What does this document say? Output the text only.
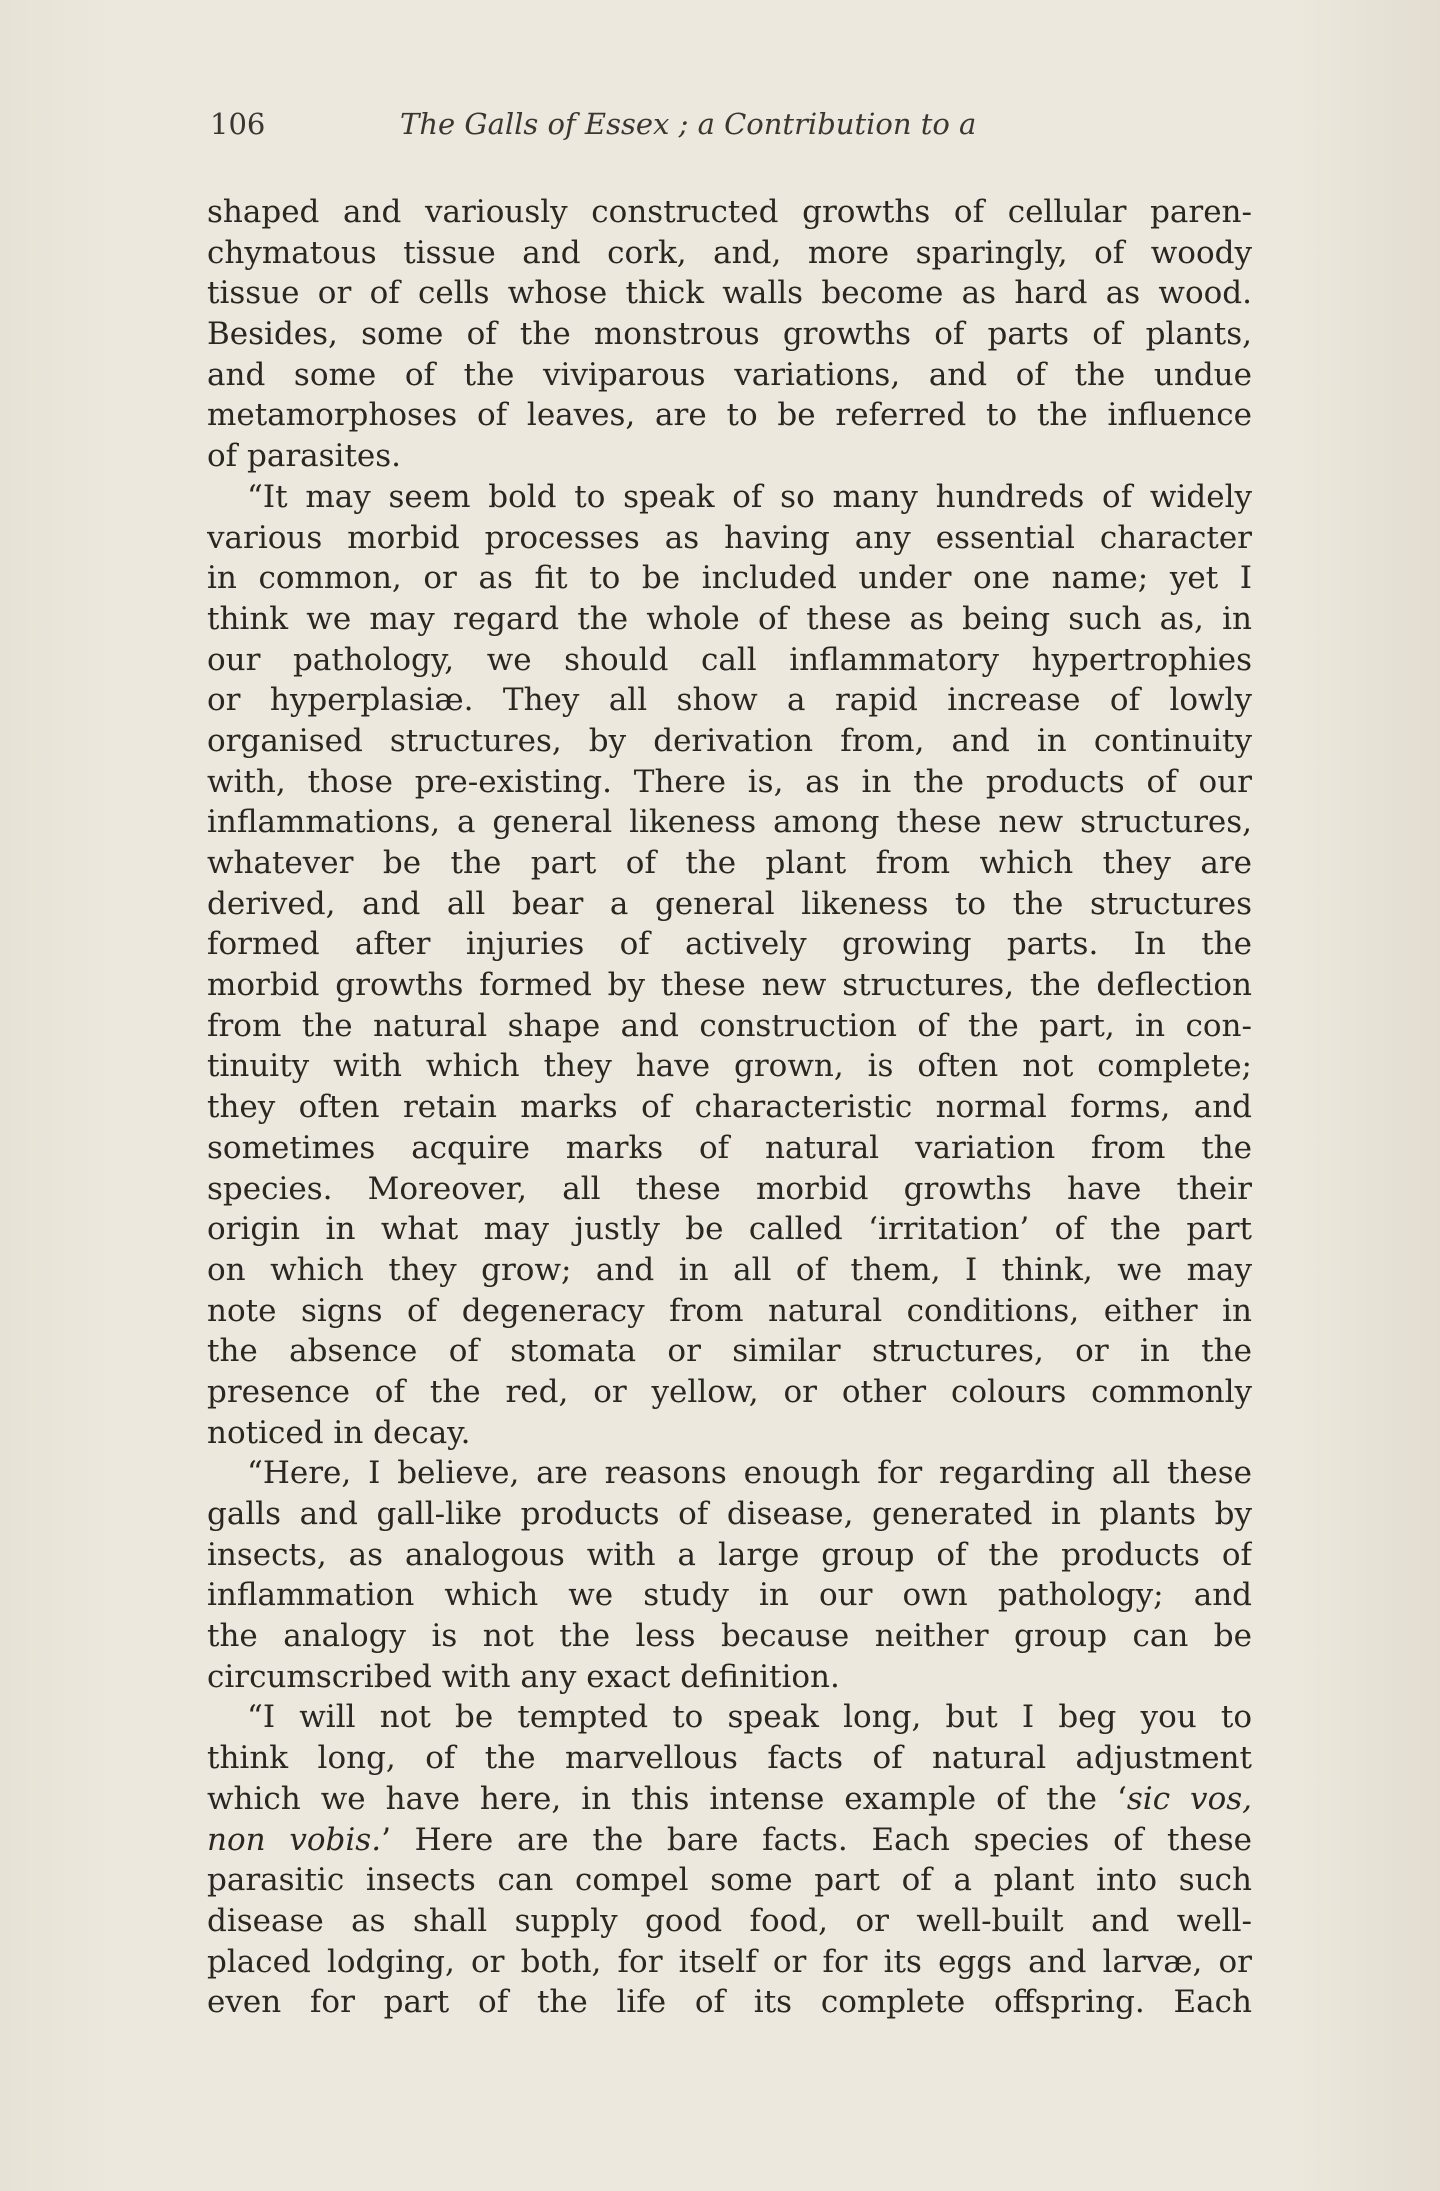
106	The Galls of Essex ; a Contribution to a
shaped and variously constructed growths of cellular paren-
chymatous tissue and cork, and, more sparingly, of woody
tissue or of cells whose thick walls become as hard as wood.
Besides, some of the monstrous growths of parts of plants,
and some of the viviparous variations, and of the undue
metamorphoses of leaves, are to be referred to the influence
of parasites.
“It may seem bold to speak of so many hundreds of widely
various morbid processes as having any essential character
in common, or as fit to be included under one name; yet I
think we may regard the whole of these as being such as, in
our pathology, we should call inflammatory hypertrophies
or hyperplasiæ. They all show a rapid increase of lowly
organised structures, by derivation from, and in continuity
with, those pre-existing. There is, as in the products of our
inflammations, a general likeness among these new structures,
whatever be the part of the plant from which they are
derived, and all bear a general likeness to the structures
formed after injuries of actively growing parts. In the
morbid growths formed by these new structures, the deflection
from the natural shape and construction of the part, in con-
tinuity with which they have grown, is often not complete;
they often retain marks of characteristic normal forms, and
sometimes acquire marks of natural variation from the
species. Moreover, all these morbid growths have their
origin in what may justly be called ‘irritation’ of the part
on which they grow; and in all of them, I think, we may
note signs of degeneracy from natural conditions, either in
the absence of stomata or similar structures, or in the
presence of the red, or yellow, or other colours commonly
noticed in decay.
“Here, I believe, are reasons enough for regarding all these
galls and gall-like products of disease, generated in plants by
insects, as analogous with a large group of the products of
inflammation which we study in our own pathology; and
the analogy is not the less because neither group can be
circumscribed with any exact definition.
“I will not be tempted to speak long, but I beg you to
think long, of the marvellous facts of natural adjustment
which we have here, in this intense example of the ‘sic vos,
non vobis.’ Here are the bare facts. Each species of these
parasitic insects can compel some part of a plant into such
disease as shall supply good food, or well-built and well-
placed lodging, or both, for itself or for its eggs and larvæ, or
even for part of the life of its complete offspring. Each
